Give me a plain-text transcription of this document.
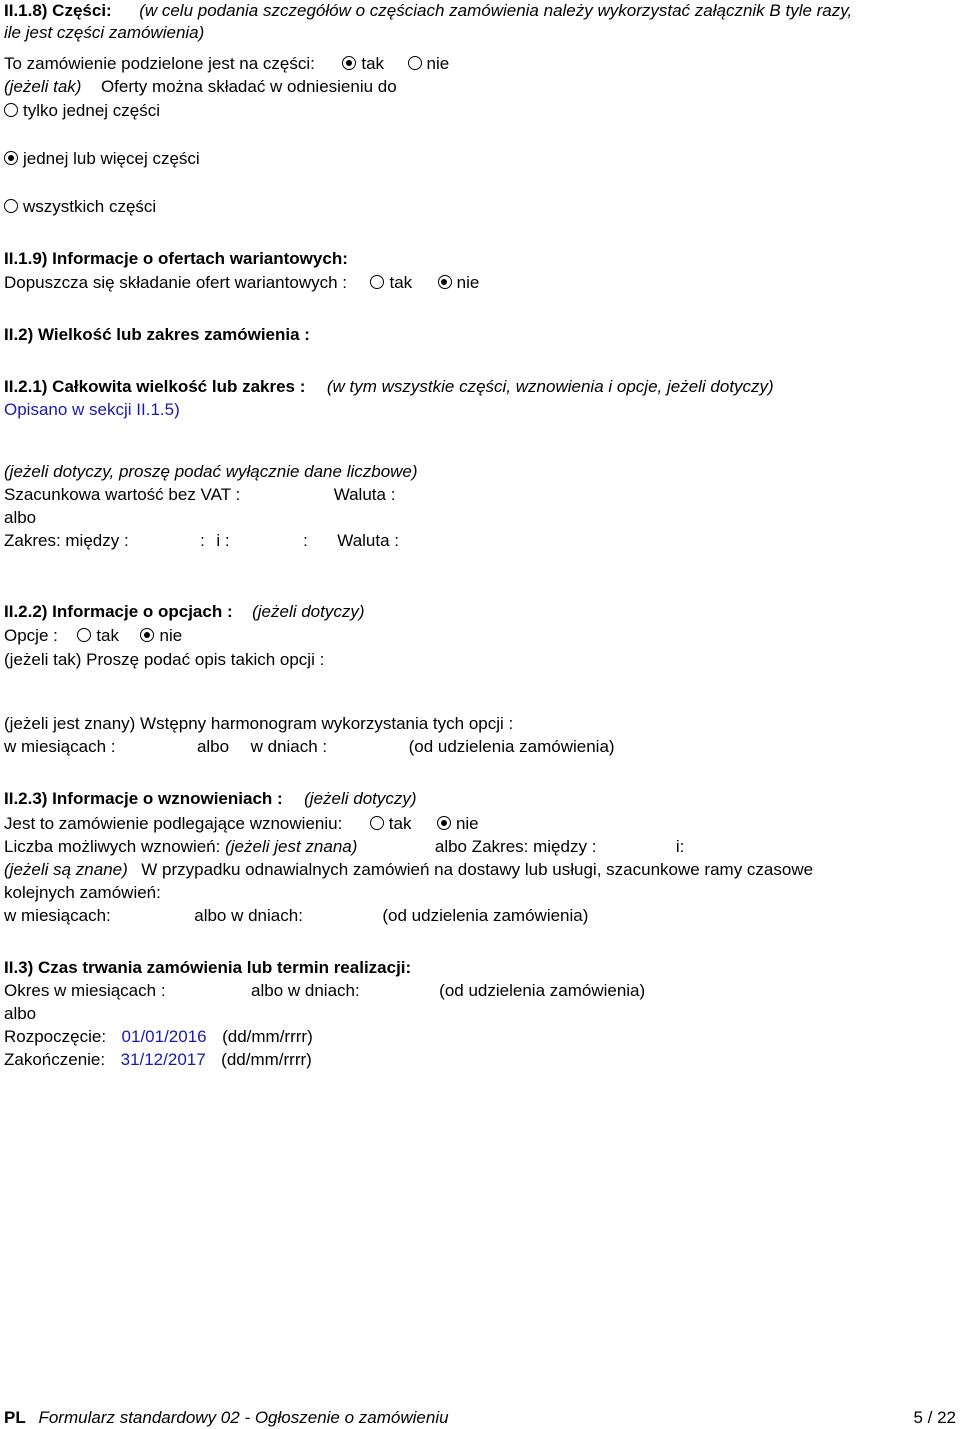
II.1.8) Części: (w celu podania szczegółów o częściach zamówienia należy wykorzystać załącznik B tyle razy,
ile jest części zamówienia)
To zamówienie podzielone jest na części:	tak nie
(jeżeli tak) Oferty można składać w odniesieniu do
tylko jednej części
jednej lub więcej części
wszystkich części
II.1.9) Informacje o ofertach wariantowych:
Dopuszcza się składanie ofert wariantowych : tak	nie
II.2) Wielkość lub zakres zamówienia :
II.2.1) Całkowita wielkość lub zakres : (w tym wszystkie części, wznowienia i opcje, jeżeli dotyczy)
Opisano w sekcji II.1.5)
(jeżeli dotyczy, proszę podać wyłącznie dane liczbowe)
Szacunkowa wartość bez VAT :	Waluta :
albo
Zakres: między :	: i :	: Waluta :
II.2.2) Informacje o opcjach : (jeżeli dotyczy)
Opcje : tak nie
(jeżeli tak) Proszę podać opis takich opcji :
(jeżeli jest znany) Wstępny harmonogram wykorzystania tych opcji :
w miesiącach :	albo w dniach :	(od udzielenia zamówienia)
II.2.3) Informacje o wznowieniach : (jeżeli dotyczy)
Jest to zamówienie podlegające wznowieniu:	tak	nie
Liczba możliwych wznowień: (jeżeli jest znana)	albo Zakres: między :	i:
(jeżeli są znane) W przypadku odnawialnych zamówień na dostawy lub usługi, szacunkowe ramy czasowe
kolejnych zamówień:
w miesiącach:	albo w dniach:	(od udzielenia zamówienia)
II.3) Czas trwania zamówienia lub termin realizacji:
Okres w miesiącach :	albo w dniach:	(od udzielenia zamówienia)
albo
Rozpoczęcie: 01/01/2016 (dd/mm/rrrr)
Zakończenie: 31/12/2017 (dd/mm/rrrr)
PL Formularz standardowy 02 - Ogłoszenie o zamówieniu	5 / 22
